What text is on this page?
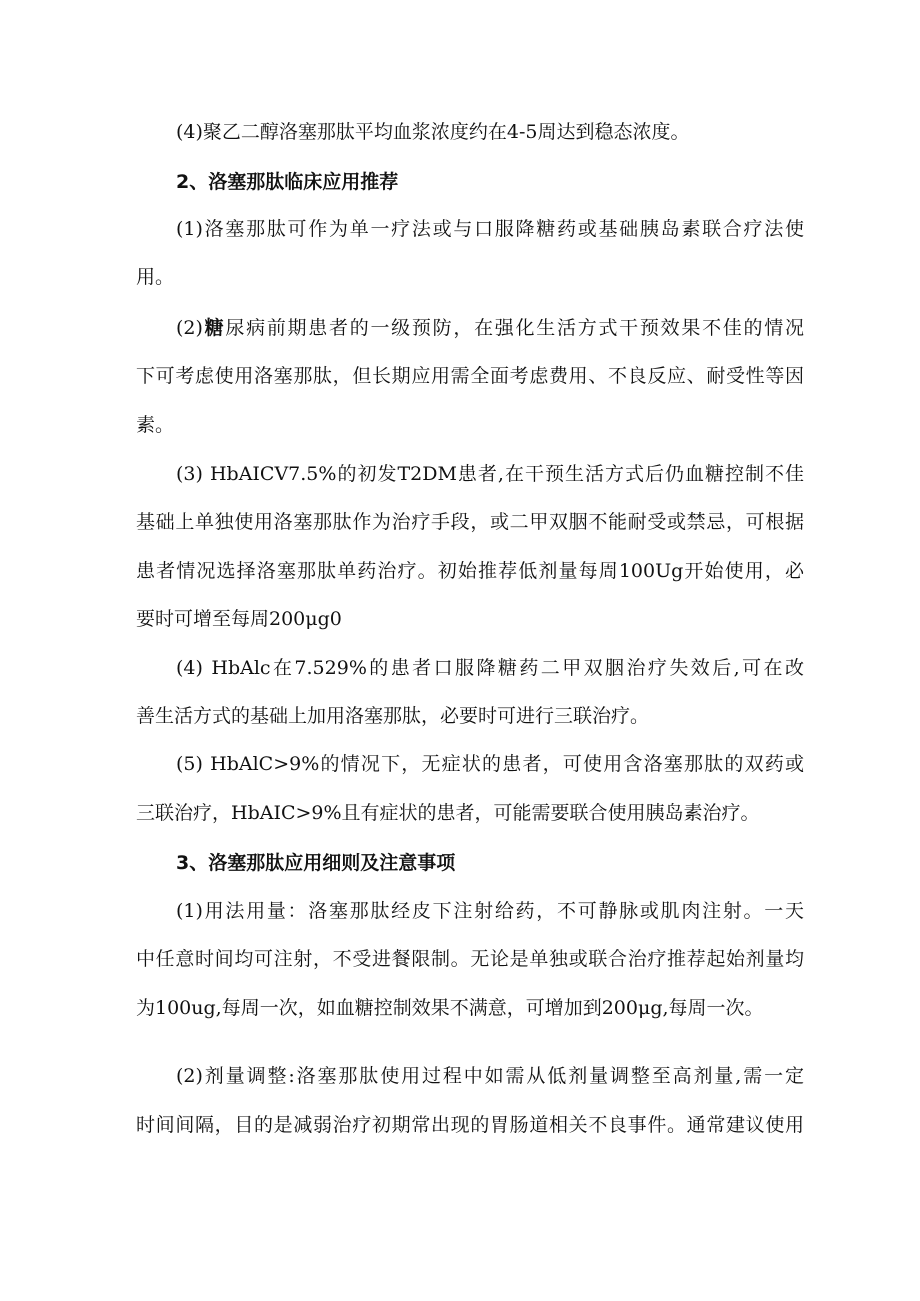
(4)聚乙二醇洛塞那肽平均血浆浓度约在4-5周达到稳态浓度。

2、洛塞那肽临床应用推荐

(1)洛塞那肽可作为单一疗法或与口服降糖药或基础胰岛素联合疗法使

用。

(2)糖尿病前期患者的一级预防，在强化生活方式干预效果不佳的情况

下可考虑使用洛塞那肽，但长期应用需全面考虑费用、不良反应、耐受性等因

素。

(3) HbAICV7.5%的初发T2DM患者,在干预生活方式后仍血糖控制不佳

基础上单独使用洛塞那肽作为治疗手段，或二甲双胭不能耐受或禁忌，可根据

患者情况选择洛塞那肽单药治疗。初始推荐低剂量每周100Ug开始使用，必

要时可增至每周200μg0

(4) HbAlc在7.529%的患者口服降糖药二甲双胭治疗失效后,可在改

善生活方式的基础上加用洛塞那肽，必要时可进行三联治疗。

(5) HbAlC>9%的情况下，无症状的患者，可使用含洛塞那肽的双药或

三联治疗，HbAIC>9%且有症状的患者，可能需要联合使用胰岛素治疗。

3、洛塞那肽应用细则及注意事项

(1)用法用量：洛塞那肽经皮下注射给药，不可静脉或肌肉注射。一天

中任意时间均可注射，不受进餐限制。无论是单独或联合治疗推荐起始剂量均

为100ug,每周一次，如血糖控制效果不满意，可增加到200μg,每周一次。

(2)剂量调整:洛塞那肽使用过程中如需从低剂量调整至高剂量,需一定

时间间隔，目的是减弱治疗初期常出现的胃肠道相关不良事件。通常建议使用
